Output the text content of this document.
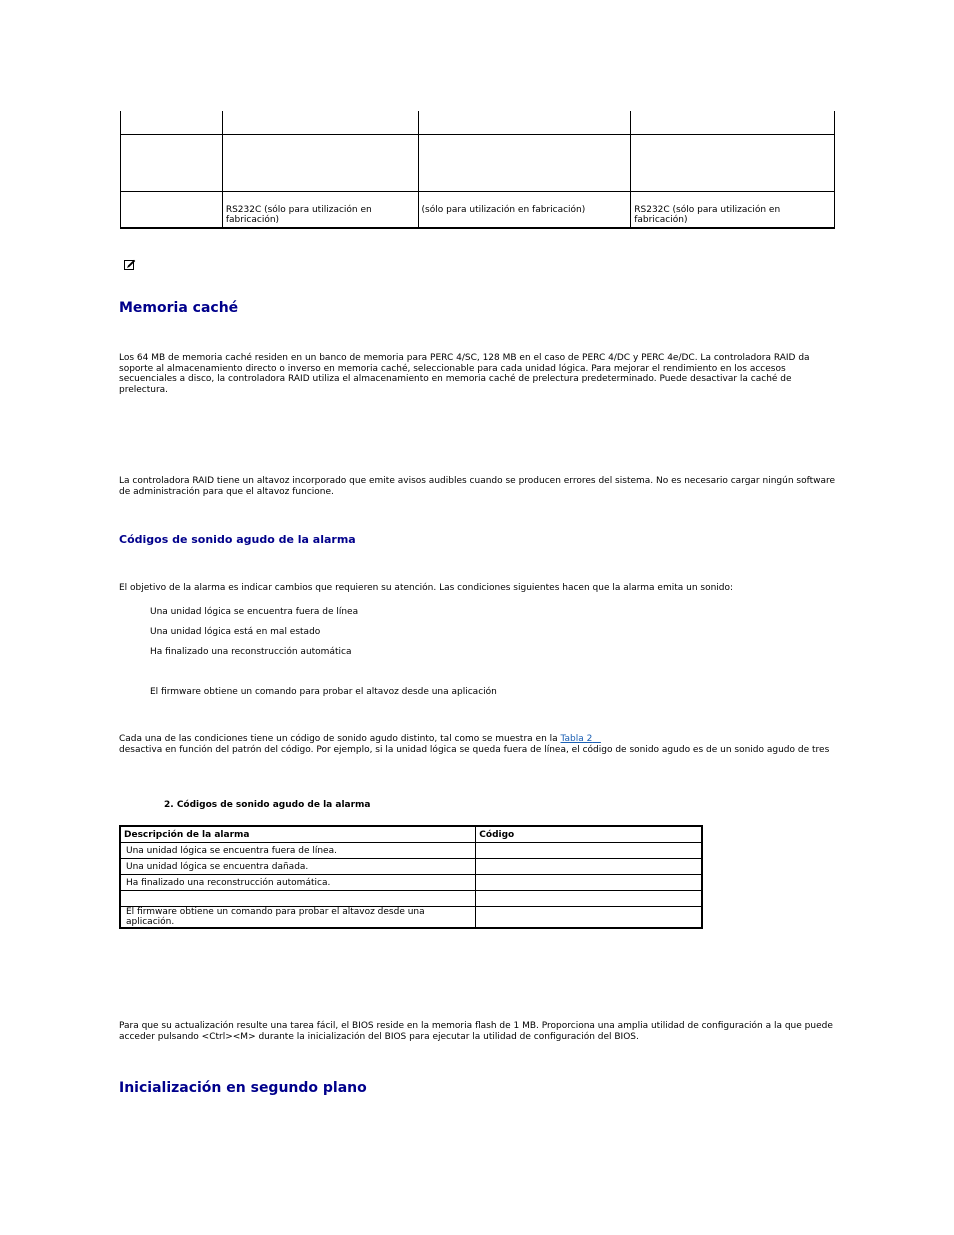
	RS232C (sólo para utilización en fabricación)	(sólo para utilización en fabricación)	RS232C (sólo para utilización en fabricación)
Memoria caché

Los 64 MB de memoria caché residen en un banco de memoria para PERC 4/SC, 128 MB en el caso de PERC 4/DC y PERC 4e/DC. La controladora RAID da soporte al almacenamiento directo o inverso en memoria caché, seleccionable para cada unidad lógica. Para mejorar el rendimiento en los accesos secuenciales a disco, la controladora RAID utiliza el almacenamiento en memoria caché de prelectura predeterminado. Puede desactivar la caché de prelectura.

La controladora RAID tiene un altavoz incorporado que emite avisos audibles cuando se producen errores del sistema. No es necesario cargar ningún software de administración para que el altavoz funcione.

Códigos de sonido agudo de la alarma

El objetivo de la alarma es indicar cambios que requieren su atención. Las condiciones siguientes hacen que la alarma emita un sonido:

Una unidad lógica se encuentra fuera de línea
Una unidad lógica está en mal estado
Ha finalizado una reconstrucción automática
El firmware obtiene un comando para probar el altavoz desde una aplicación

Cada una de las condiciones tiene un código de sonido agudo distinto, tal como se muestra en la Tabla 2
desactiva en función del patrón del código. Por ejemplo, si la unidad lógica se queda fuera de línea, el código de sonido agudo es de un sonido agudo de tres

2. Códigos de sonido agudo de la alarma
Descripción de la alarma	Código
Una unidad lógica se encuentra fuera de línea.	
Una unidad lógica se encuentra dañada.	
Ha finalizado una reconstrucción automática.	

El firmware obtiene un comando para probar el altavoz desde una aplicación.	

Para que su actualización resulte una tarea fácil, el BIOS reside en la memoria flash de 1 MB. Proporciona una amplia utilidad de configuración a la que puede acceder pulsando <Ctrl><M> durante la inicialización del BIOS para ejecutar la utilidad de configuración del BIOS.

Inicialización en segundo plano
